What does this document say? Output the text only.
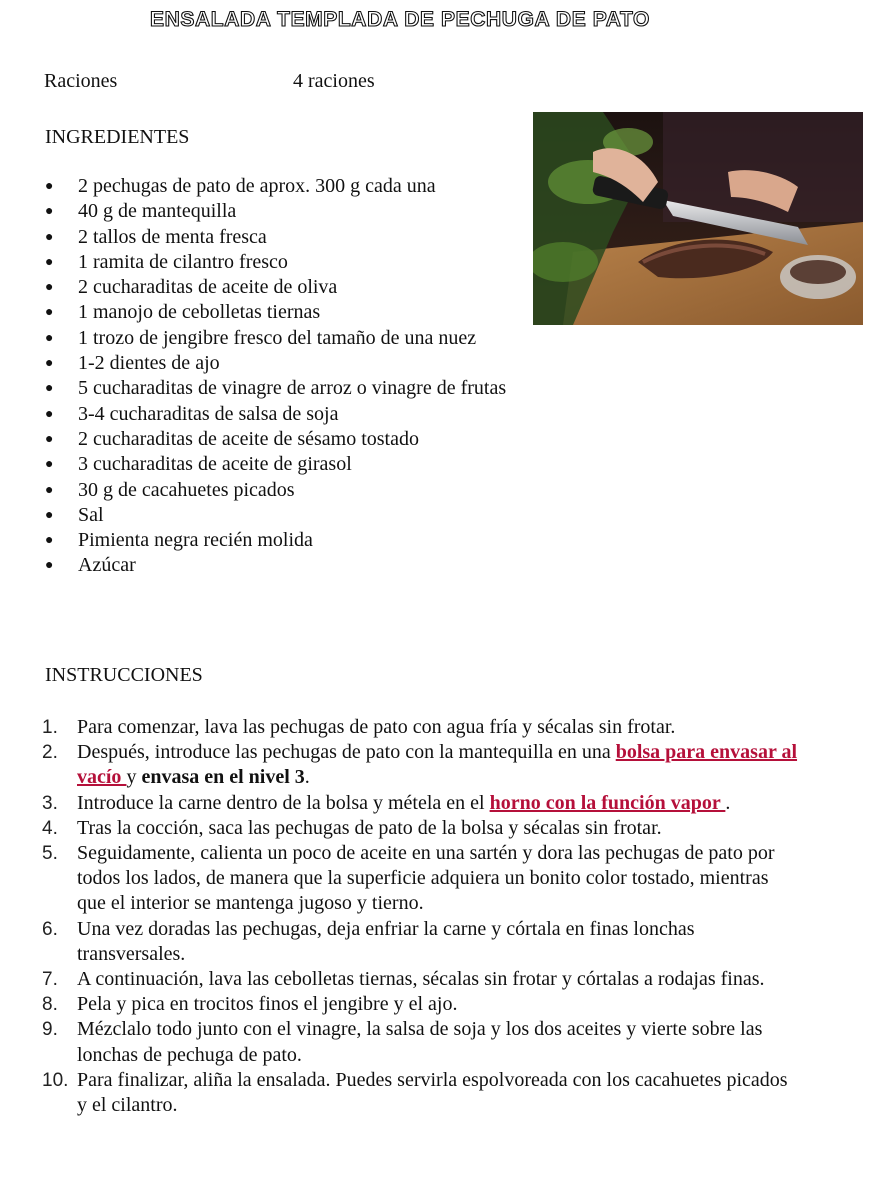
ENSALADA TEMPLADA DE PECHUGA DE PATO
Raciones	4 raciones
INGREDIENTES
● 2 pechugas de pato de aprox. 300 g cada una
● 40 g de mantequilla
● 2 tallos de menta fresca
● 1 ramita de cilantro fresco
● 2 cucharaditas de aceite de oliva
● 1 manojo de cebolletas tiernas
● 1 trozo de jengibre fresco del tamaño de una nuez
● 1-2 dientes de ajo
● 5 cucharaditas de vinagre de arroz o vinagre de frutas
● 3-4 cucharaditas de salsa de soja
● 2 cucharaditas de aceite de sésamo tostado
● 3 cucharaditas de aceite de girasol
● 30 g de cacahuetes picados
● Sal
● Pimienta negra recién molida
● Azúcar
INSTRUCCIONES
1. Para comenzar, lava las pechugas de pato con agua fría y sécalas sin frotar.
2. Después, introduce las pechugas de pato con la mantequilla en una bolsa para envasar al vacío y envasa en el nivel 3.
3. Introduce la carne dentro de la bolsa y métela en el horno con la función vapor .
4. Tras la cocción, saca las pechugas de pato de la bolsa y sécalas sin frotar.
5. Seguidamente, calienta un poco de aceite en una sartén y dora las pechugas de pato por todos los lados, de manera que la superficie adquiera un bonito color tostado, mientras que el interior se mantenga jugoso y tierno.
6. Una vez doradas las pechugas, deja enfriar la carne y córtala en finas lonchas transversales.
7. A continuación, lava las cebolletas tiernas, sécalas sin frotar y córtalas a rodajas finas.
8. Pela y pica en trocitos finos el jengibre y el ajo.
9. Mézclalo todo junto con el vinagre, la salsa de soja y los dos aceites y vierte sobre las lonchas de pechuga de pato.
10. Para finalizar, aliña la ensalada. Puedes servirla espolvoreada con los cacahuetes picados y el cilantro.
